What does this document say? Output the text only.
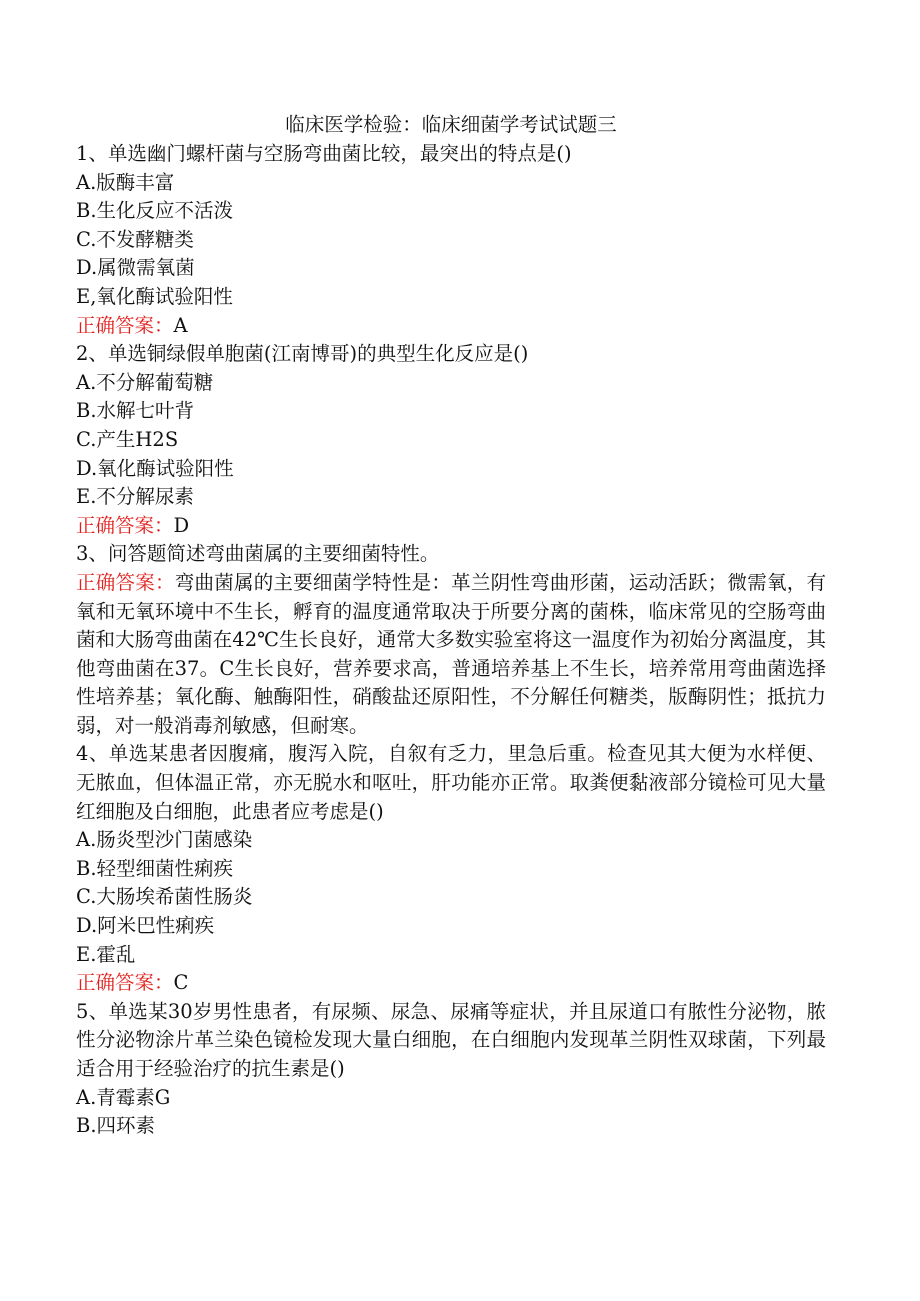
临床医学检验：临床细菌学考试试题三

1、单选幽门螺杆菌与空肠弯曲菌比较，最突出的特点是()

A.版酶丰富

B.生化反应不活泼

C.不发酵糖类

D.属微需氧菌

E,氧化酶试验阳性

正确答案：A

2、单选铜绿假单胞菌(江南博哥)的典型生化反应是()

A.不分解葡萄糖

B.水解七叶背

C.产生H2S

D.氧化酶试验阳性

E.不分解尿素

正确答案：D

3、问答题简述弯曲菌属的主要细菌特性。

正确答案：弯曲菌属的主要细菌学特性是：革兰阴性弯曲形菌，运动活跃；微需氧，有氧和无氧环境中不生长，孵育的温度通常取决于所要分离的菌株，临床常见的空肠弯曲菌和大肠弯曲菌在42℃生长良好，通常大多数实验室将这一温度作为初始分离温度，其他弯曲菌在37。C生长良好，营养要求高，普通培养基上不生长，培养常用弯曲菌选择性培养基；氧化酶、触酶阳性，硝酸盐还原阳性，不分解任何糖类，版酶阴性；抵抗力弱，对一般消毒剂敏感，但耐寒。

4、单选某患者因腹痛，腹泻入院，自叙有乏力，里急后重。检查见其大便为水样便、无脓血，但体温正常，亦无脱水和呕吐，肝功能亦正常。取粪便黏液部分镜检可见大量红细胞及白细胞，此患者应考虑是()

A.肠炎型沙门菌感染

B.轻型细菌性痢疾

C.大肠埃希菌性肠炎

D.阿米巴性痢疾

E.霍乱

正确答案：C

5、单选某30岁男性患者，有尿频、尿急、尿痛等症状，并且尿道口有脓性分泌物，脓性分泌物涂片革兰染色镜检发现大量白细胞，在白细胞内发现革兰阴性双球菌，下列最适合用于经验治疗的抗生素是()

A.青霉素G

B.四环素
